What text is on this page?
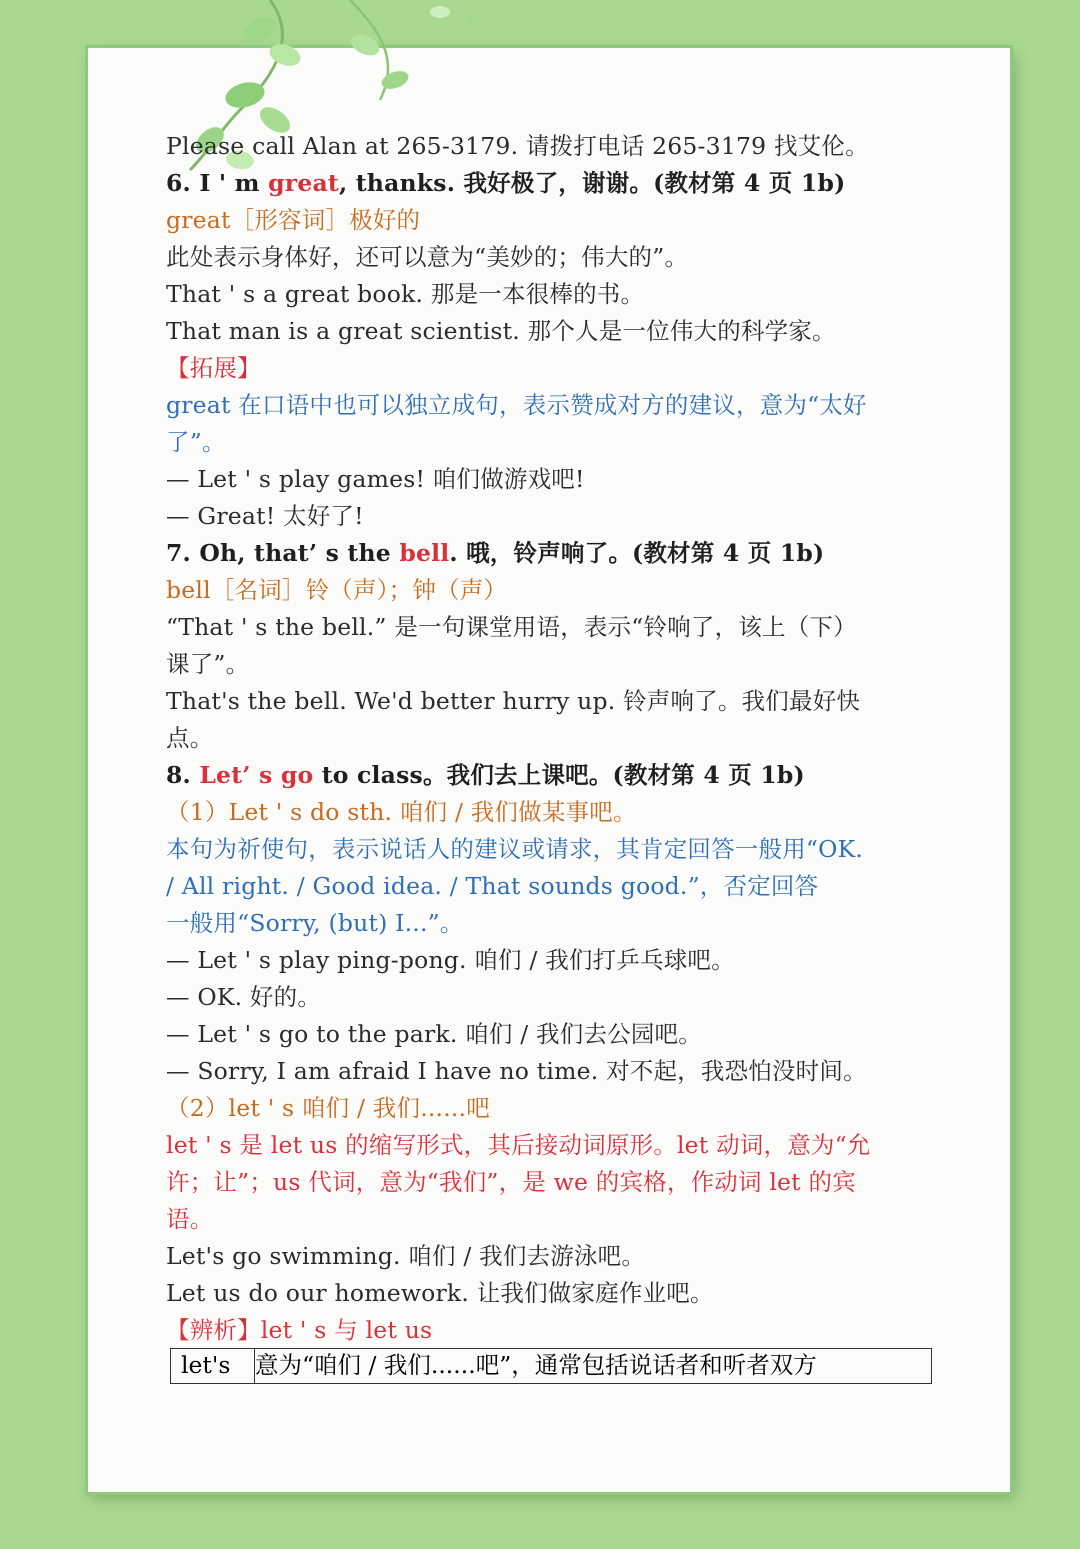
Please call Alan at 265-3179. 请拨打电话 265-3179 找艾伦。
6. I ' m great, thanks. 我好极了，谢谢。(教材第 4 页 1b)
great［形容词］极好的
此处表示身体好，还可以意为“美妙的；伟大的”。
That ' s a great book. 那是一本很棒的书。
That man is a great scientist. 那个人是一位伟大的科学家。
【拓展】
great 在口语中也可以独立成句，表示赞成对方的建议，意为“太好
了”。
— Let ' s play games! 咱们做游戏吧!
— Great! 太好了!
7. Oh, that’ s the bell. 哦，铃声响了。(教材第 4 页 1b)
bell［名词］铃（声）；钟（声）
“That ' s the bell.” 是一句课堂用语，表示“铃响了，该上（下）
课了”。
That's the bell. We'd better hurry up. 铃声响了。我们最好快
点。
8. Let’ s go to class。我们去上课吧。(教材第 4 页 1b)
（1）Let ' s do sth. 咱们 / 我们做某事吧。
本句为祈使句，表示说话人的建议或请求，其肯定回答一般用“OK.
/ All right. / Good idea. / That sounds good.”，否定回答
一般用“Sorry, (but) I...”。
— Let ' s play ping-pong. 咱们 / 我们打乒乓球吧。
— OK. 好的。
— Let ' s go to the park. 咱们 / 我们去公园吧。
— Sorry, I am afraid I have no time. 对不起，我恐怕没时间。
（2）let ' s 咱们 / 我们......吧
let ' s 是 let us 的缩写形式，其后接动词原形。let 动词，意为“允
许；让”；us 代词，意为“我们”，是 we 的宾格，作动词 let 的宾
语。
Let's go swimming. 咱们 / 我们去游泳吧。
Let us do our homework. 让我们做家庭作业吧。
【辨析】let ' s 与 let us
let's	意为“咱们 / 我们......吧”，通常包括说话者和听者双方
